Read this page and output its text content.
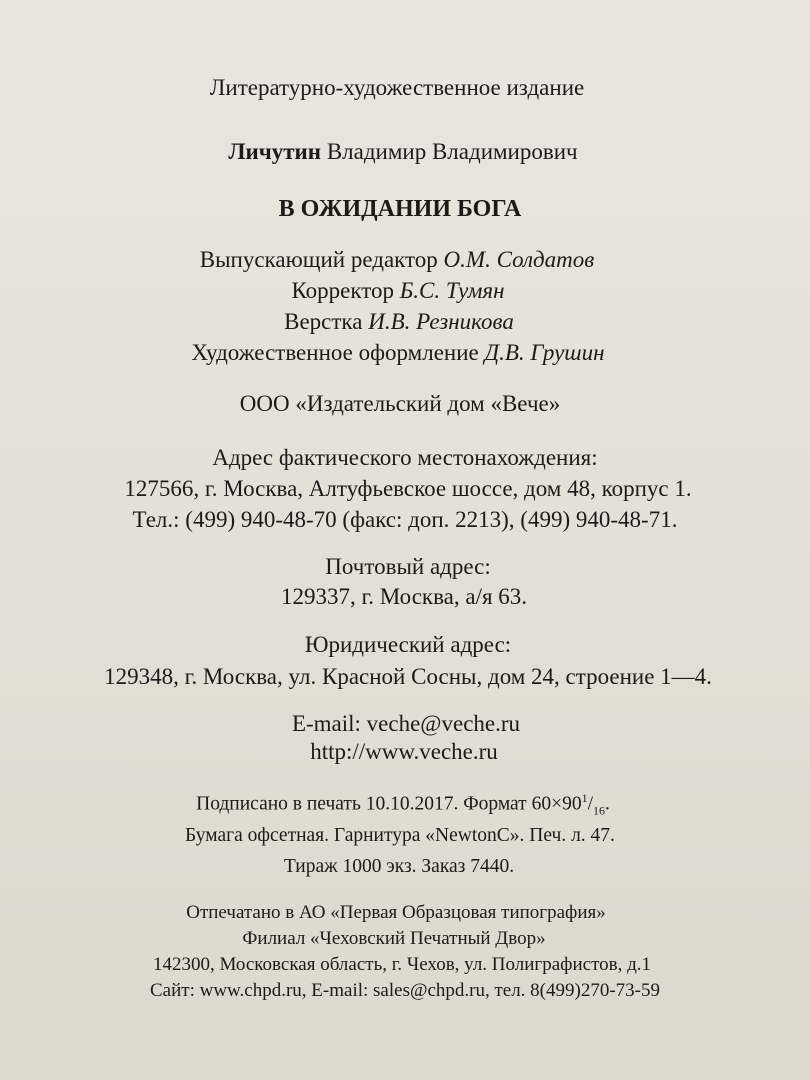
Литературно-художественное издание
Личутин Владимир Владимирович
В ОЖИДАНИИ БОГА
Выпускающий редактор О.М. Солдатов
Корректор Б.С. Тумян
Верстка И.В. Резникова
Художественное оформление Д.В. Грушин
ООО «Издательский дом «Вече»
Адрес фактического местонахождения:
127566, г. Москва, Алтуфьевское шоссе, дом 48, корпус 1.
Тел.: (499) 940-48-70 (факс: доп. 2213), (499) 940-48-71.
Почтовый адрес:
129337, г. Москва, а/я 63.
Юридический адрес:
129348, г. Москва, ул. Красной Сосны, дом 24, строение 1—4.
E-mail: veche@veche.ru
http://www.veche.ru
Подписано в печать 10.10.2017. Формат $60\times 90^1/_{16}$.
Бумага офсетная. Гарнитура «NewtonC». Печ. л. 47.
Тираж 1000 экз. Заказ 7440.
Отпечатано в АО «Первая Образцовая типография»
Филиал «Чеховский Печатный Двор»
142300, Московская область, г. Чехов, ул. Полиграфистов, д.1
Сайт: www.chpd.ru, E-mail: sales@chpd.ru, тел. 8(499)270-73-59
